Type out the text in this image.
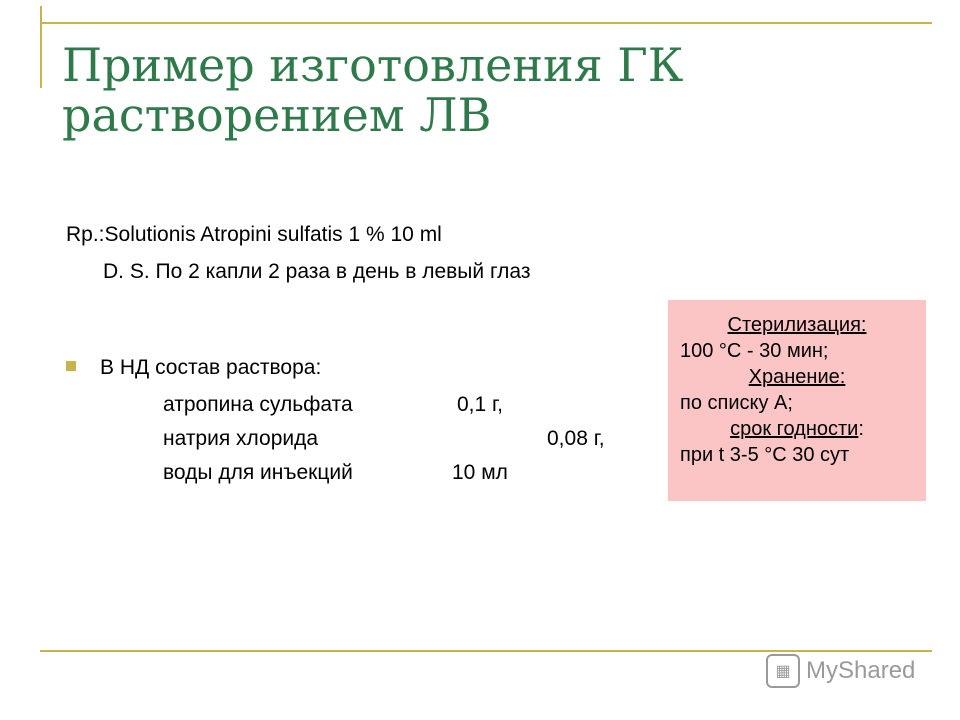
Пример изготовления ГК растворением ЛВ
Rp.:Solutionis Atropini sulfatis 1 % 10 ml
D. S. По 2 капли 2 раза в день в левый глаз
В НД состав раствора:
атропина сульфата	0,1 г,
натрия хлорида	0,08 г,
воды для инъекций	10 мл
Стерилизация:
100 °С - 30 мин;
Хранение:
по списку А;
срок годности:
при t 3-5 °С 30 сут
▦ MyShared
